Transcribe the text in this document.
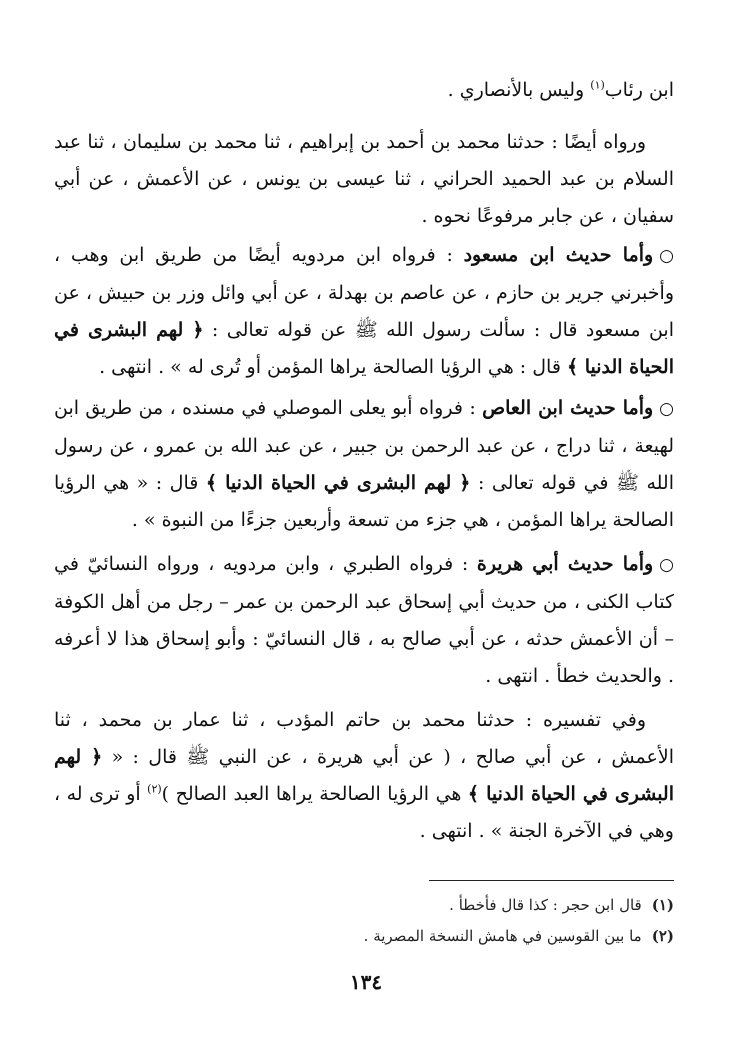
ابن رئاب$^{(١)}$ وليس بالأنصاري .

ورواه أيضًا : حدثنا محمد بن أحمد بن إبراهيم ، ثنا محمد بن سليمان ، ثنا عبد السلام بن عبد الحميد الحراني ، ثنا عيسى بن يونس ، عن الأعمش ، عن أبي سفيان ، عن جابر مرفوعًا نحوه .

○وأما حديث ابن مسعود : فرواه ابن مردويه أيضًا من طريق ابن وهب ، وأخبرني جرير بن حازم ، عن عاصم بن بهدلة ، عن أبي وائل وزر بن حبيش ، عن ابن مسعود قال : سألت رسول الله ﷺ عن قوله تعالى : ﴿ لهم البشرى في الحياة الدنيا ﴾ قال : هي الرؤيا الصالحة يراها المؤمن أو تُرى له » . انتهى .

○وأما حديث ابن العاص : فرواه أبو يعلى الموصلي في مسنده ، من طريق ابن لهيعة ، ثنا دراج ، عن عبد الرحمن بن جبير ، عن عبد الله بن عمرو ، عن رسول الله ﷺ في قوله تعالى : ﴿ لهم البشرى في الحياة الدنيا ﴾ قال : « هي الرؤيا الصالحة يراها المؤمن ، هي جزء من تسعة وأربعين جزءًا من النبوة » .

○وأما حديث أبي هريرة : فرواه الطبري ، وابن مردويه ، ورواه النسائيّ في كتاب الكنى ، من حديث أبي إسحاق عبد الرحمن بن عمر – رجل من أهل الكوفة – أن الأعمش حدثه ، عن أبي صالح به ، قال النسائيّ : وأبو إسحاق هذا لا أعرفه . والحديث خطأ . انتهى .

وفي تفسيره : حدثنا محمد بن حاتم المؤدب ، ثنا عمار بن محمد ، ثنا الأعمش ، عن أبي صالح ، ( عن أبي هريرة ، عن النبي ﷺ قال : « ﴿ لهم البشرى في الحياة الدنيا ﴾ هي الرؤيا الصالحة يراها العبد الصالح )$^{(٢)}$ أو ترى له ، وهي في الآخرة الجنة » . انتهى .

(١)قال ابن حجر : كذا قال فأخطأ .
(٢)ما بين القوسين في هامش النسخة المصرية .
١٣٤
